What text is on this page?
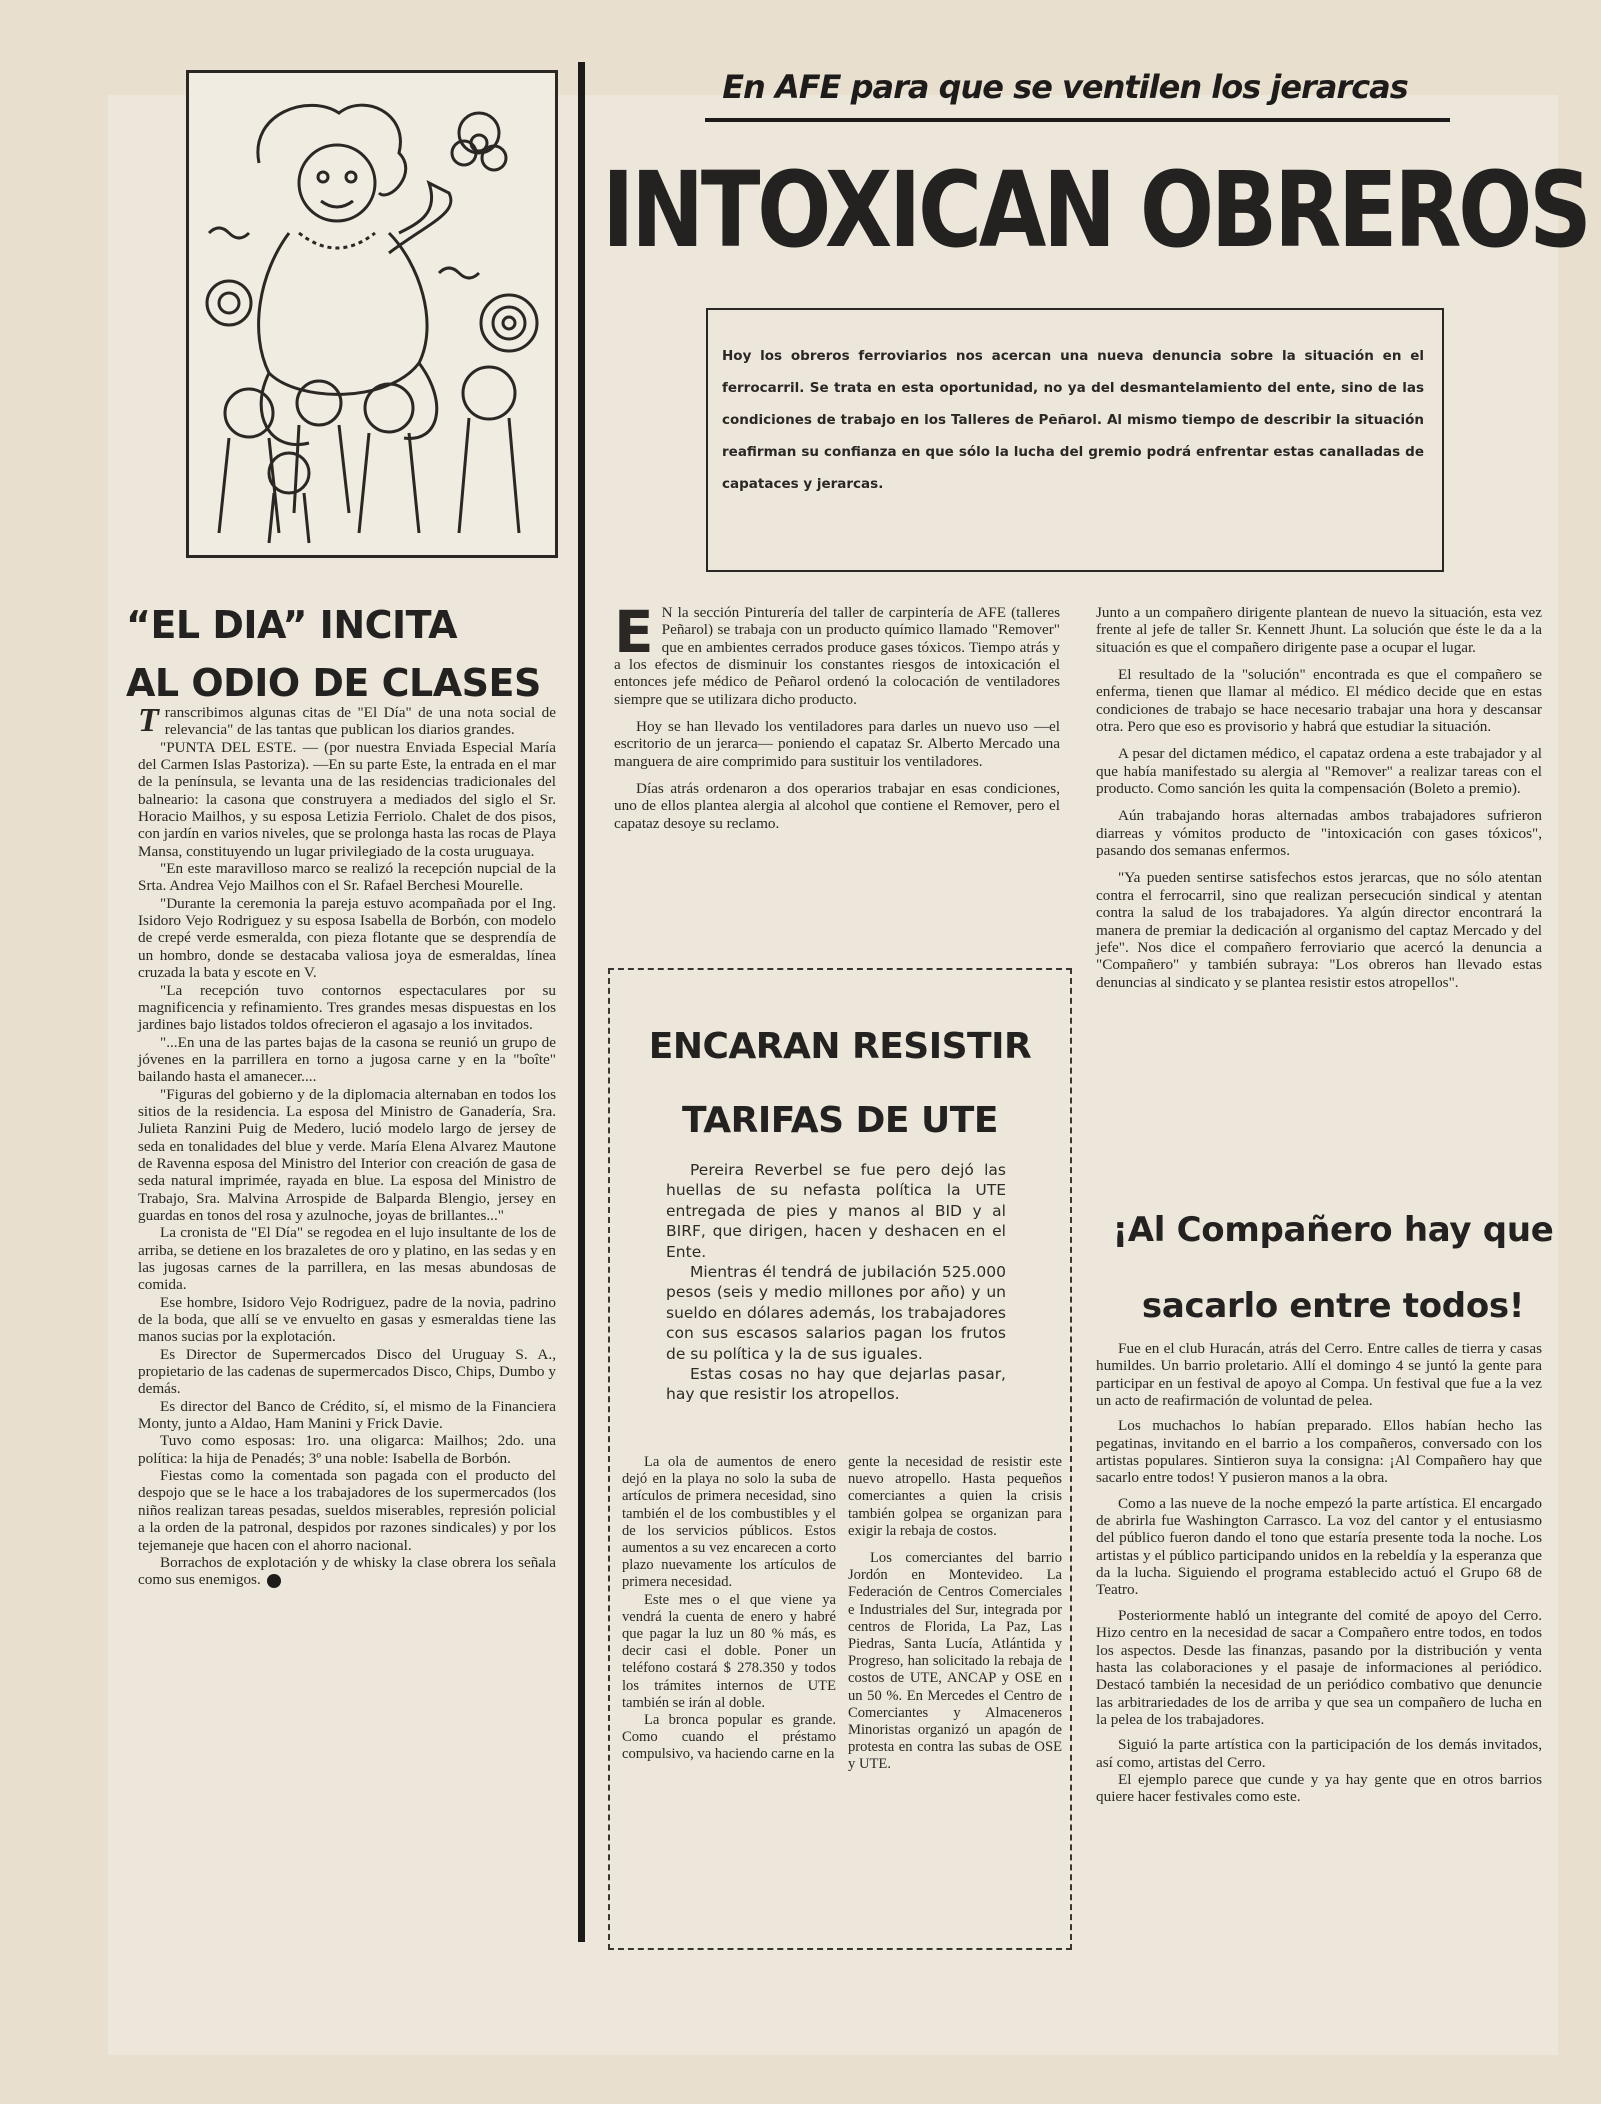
En AFE para que se ventilen los jerarcas
INTOXICAN OBREROS
Hoy los obreros ferroviarios nos acercan una nueva denuncia sobre la situación en el ferrocarril. Se trata en esta oportunidad, no ya del desmantelamiento del ente, sino de las condiciones de trabajo en los Talleres de Peñarol. Al mismo tiempo de describir la situación reafirman su confianza en que sólo la lucha del gremio podrá enfrentar estas canalladas de capataces y jerarcas.
“EL DIA” INCITA
AL ODIO DE CLASES

Transcribimos algunas citas de "El Día" de una nota social de relevancia" de las tantas que publican los diarios grandes.

"PUNTA DEL ESTE. — (por nuestra Enviada Especial María del Carmen Islas Pastoriza). —En su parte Este, la entrada en el mar de la península, se levanta una de las residencias tradicionales del balneario: la casona que construyera a mediados del siglo el Sr. Horacio Mailhos, y su esposa Letizia Ferriolo. Chalet de dos pisos, con jardín en varios niveles, que se prolonga hasta las rocas de Playa Mansa, constituyendo un lugar privilegiado de la costa uruguaya.

"En este maravilloso marco se realizó la recepción nupcial de la Srta. Andrea Vejo Mailhos con el Sr. Rafael Berchesi Mourelle.

"Durante la ceremonia la pareja estuvo acompañada por el Ing. Isidoro Vejo Rodriguez y su esposa Isabella de Borbón, con modelo de crepé verde esmeralda, con pieza flotante que se desprendía de un hombro, donde se destacaba valiosa joya de esmeraldas, línea cruzada la bata y escote en V.

"La recepción tuvo contornos espectaculares por su magnificencia y refinamiento. Tres grandes mesas dispuestas en los jardines bajo listados toldos ofrecieron el agasajo a los invitados.

"...En una de las partes bajas de la casona se reunió un grupo de jóvenes en la parrillera en torno a jugosa carne y en la "boîte" bailando hasta el amanecer....

"Figuras del gobierno y de la diplomacia alternaban en todos los sitios de la residencia. La esposa del Ministro de Ganadería, Sra. Julieta Ranzini Puig de Medero, lució modelo largo de jersey de seda en tonalidades del blue y verde. María Elena Alvarez Mautone de Ravenna esposa del Ministro del Interior con creación de gasa de seda natural imprimée, rayada en blue. La esposa del Ministro de Trabajo, Sra. Malvina Arrospide de Balparda Blengio, jersey en guardas en tonos del rosa y azulnoche, joyas de brillantes..."

La cronista de "El Día" se regodea en el lujo insultante de los de arriba, se detiene en los brazaletes de oro y platino, en las sedas y en las jugosas carnes de la parrillera, en las mesas abundosas de comida.

Ese hombre, Isidoro Vejo Rodriguez, padre de la novia, padrino de la boda, que allí se ve envuelto en gasas y esmeraldas tiene las manos sucias por la explotación.

Es Director de Supermercados Disco del Uruguay S. A., propietario de las cadenas de supermercados Disco, Chips, Dumbo y demás.

Es director del Banco de Crédito, sí, el mismo de la Financiera Monty, junto a Aldao, Ham Manini y Frick Davie.

Tuvo como esposas: 1ro. una oligarca: Mailhos; 2do. una política: la hija de Penadés; 3º una noble: Isabella de Borbón.

Fiestas como la comentada son pagada con el producto del despojo que se le hace a los trabajadores de los supermercados (los niños realizan tareas pesadas, sueldos miserables, represión policial a la orden de la patronal, despidos por razones sindicales) y por los tejemaneje que hacen con el ahorro nacional.

Borrachos de explotación y de whisky la clase obrera los señala como sus enemigos.

E N la sección Pinturería del taller de carpintería de AFE (talleres Peñarol) se trabaja con un producto químico llamado "Remover" que en ambientes cerrados produce gases tóxicos. Tiempo atrás y a los efectos de disminuir los constantes riesgos de intoxicación el entonces jefe médico de Peñarol ordenó la colocación de ventiladores siempre que se utilizara dicho producto.

Hoy se han llevado los ventiladores para darles un nuevo uso —el escritorio de un jerarca— poniendo el capataz Sr. Alberto Mercado una manguera de aire comprimido para sustituir los ventiladores.

Días atrás ordenaron a dos operarios trabajar en esas condiciones, uno de ellos plantea alergia al alcohol que contiene el Remover, pero el capataz desoye su reclamo.

Junto a un compañero dirigente plantean de nuevo la situación, esta vez frente al jefe de taller Sr. Kennett Jhunt. La solución que éste le da a la situación es que el compañero dirigente pase a ocupar el lugar.

El resultado de la "solución" encontrada es que el compañero se enferma, tienen que llamar al médico. El médico decide que en estas condiciones de trabajo se hace necesario trabajar una hora y descansar otra. Pero que eso es provisorio y habrá que estudiar la situación.

A pesar del dictamen médico, el capataz ordena a este trabajador y al que había manifestado su alergia al "Remover" a realizar tareas con el producto. Como sanción les quita la compensación (Boleto a premio).

Aún trabajando horas alternadas ambos trabajadores sufrieron diarreas y vómitos producto de "intoxicación con gases tóxicos", pasando dos semanas enfermos.

"Ya pueden sentirse satisfechos estos jerarcas, que no sólo atentan contra el ferrocarril, sino que realizan persecución sindical y atentan contra la salud de los trabajadores. Ya algún director encontrará la manera de premiar la dedicación al organismo del captaz Mercado y del jefe". Nos dice el compañero ferroviario que acercó la denuncia a "Compañero" y también subraya: "Los obreros han llevado estas denuncias al sindicato y se plantea resistir estos atropellos".

ENCARAN RESISTIR
TARIFAS DE UTE

Pereira Reverbel se fue pero dejó las huellas de su nefasta política la UTE entregada de pies y manos al BID y al BIRF, que dirigen, hacen y deshacen en el Ente.

Mientras él tendrá de jubilación 525.000 pesos (seis y medio millones por año) y un sueldo en dólares además, los trabajadores con sus escasos salarios pagan los frutos de su política y la de sus iguales.

Estas cosas no hay que dejarlas pasar, hay que resistir los atropellos.

La ola de aumentos de enero dejó en la playa no solo la suba de artículos de primera necesidad, sino también el de los combustibles y el de los servicios públicos. Estos aumentos a su vez encarecen a corto plazo nuevamente los artículos de primera necesidad.

Este mes o el que viene ya vendrá la cuenta de enero y habré que pagar la luz un 80 % más, es decir casi el doble. Poner un teléfono costará $ 278.350 y todos los trámites internos de UTE también se irán al doble.

La bronca popular es grande. Como cuando el préstamo compulsivo, va haciendo carne en la

gente la necesidad de resistir este nuevo atropello. Hasta pequeños comerciantes a quien la crisis también golpea se organizan para exigir la rebaja de costos.

Los comerciantes del barrio Jordón en Montevideo. La Federación de Centros Comerciales e Industriales del Sur, integrada por centros de Florida, La Paz, Las Piedras, Santa Lucía, Atlántida y Progreso, han solicitado la rebaja de costos de UTE, ANCAP y OSE en un 50 %. En Mercedes el Centro de Comerciantes y Almaceneros Minoristas organizó un apagón de protesta en contra las subas de OSE y UTE.

¡Al Compañero hay que
sacarlo entre todos!

Fue en el club Huracán, atrás del Cerro. Entre calles de tierra y casas humildes. Un barrio proletario. Allí el domingo 4 se juntó la gente para participar en un festival de apoyo al Compa. Un festival que fue a la vez un acto de reafirmación de voluntad de pelea.

Los muchachos lo habían preparado. Ellos habían hecho las pegatinas, invitando en el barrio a los compañeros, conversado con los artistas populares. Sintieron suya la consigna: ¡Al Compañero hay que sacarlo entre todos! Y pusieron manos a la obra.

Como a las nueve de la noche empezó la parte artística. El encargado de abrirla fue Washington Carrasco. La voz del cantor y el entusiasmo del público fueron dando el tono que estaría presente toda la noche. Los artistas y el público participando unidos en la rebeldía y la esperanza que da la lucha. Siguiendo el programa establecido actuó el Grupo 68 de Teatro.

Posteriormente habló un integrante del comité de apoyo del Cerro. Hizo centro en la necesidad de sacar a Compañero entre todos, en todos los aspectos. Desde las finanzas, pasando por la distribución y venta hasta las colaboraciones y el pasaje de informaciones al periódico. Destacó también la necesidad de un periódico combativo que denuncie las arbitrariedades de los de arriba y que sea un compañero de lucha en la pelea de los trabajadores.

Siguió la parte artística con la participación de los demás invitados, así como, artistas del Cerro.

El ejemplo parece que cunde y ya hay gente que en otros barrios quiere hacer festivales como este.
